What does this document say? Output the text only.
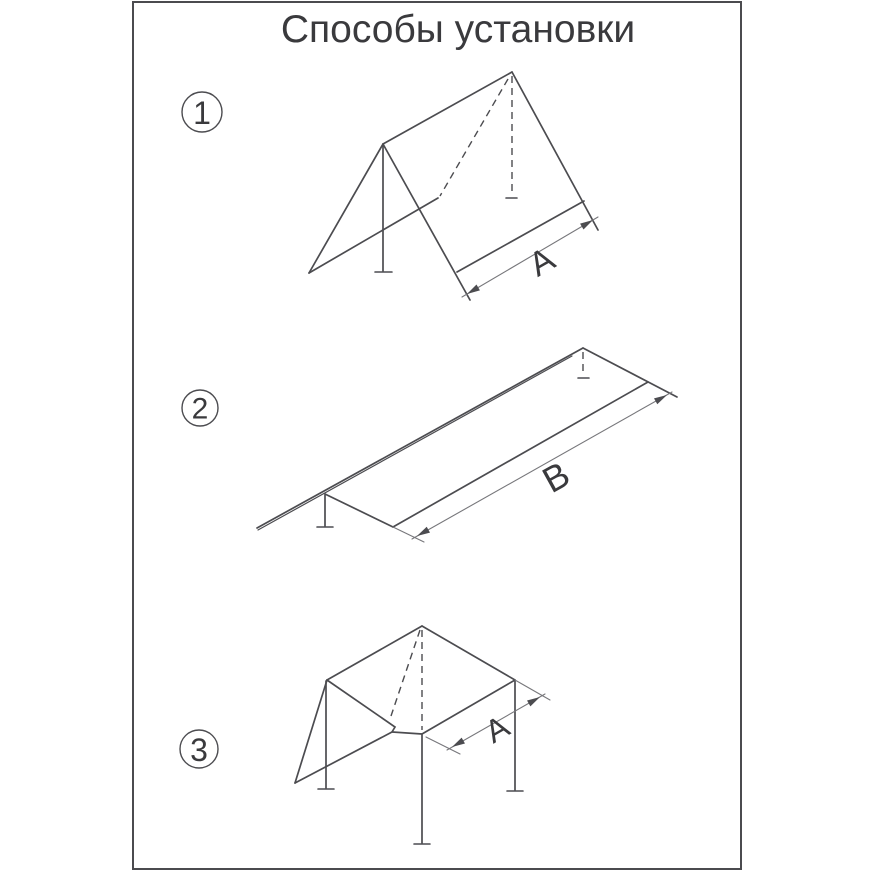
Способы установки
1
A
2
B
3
A
